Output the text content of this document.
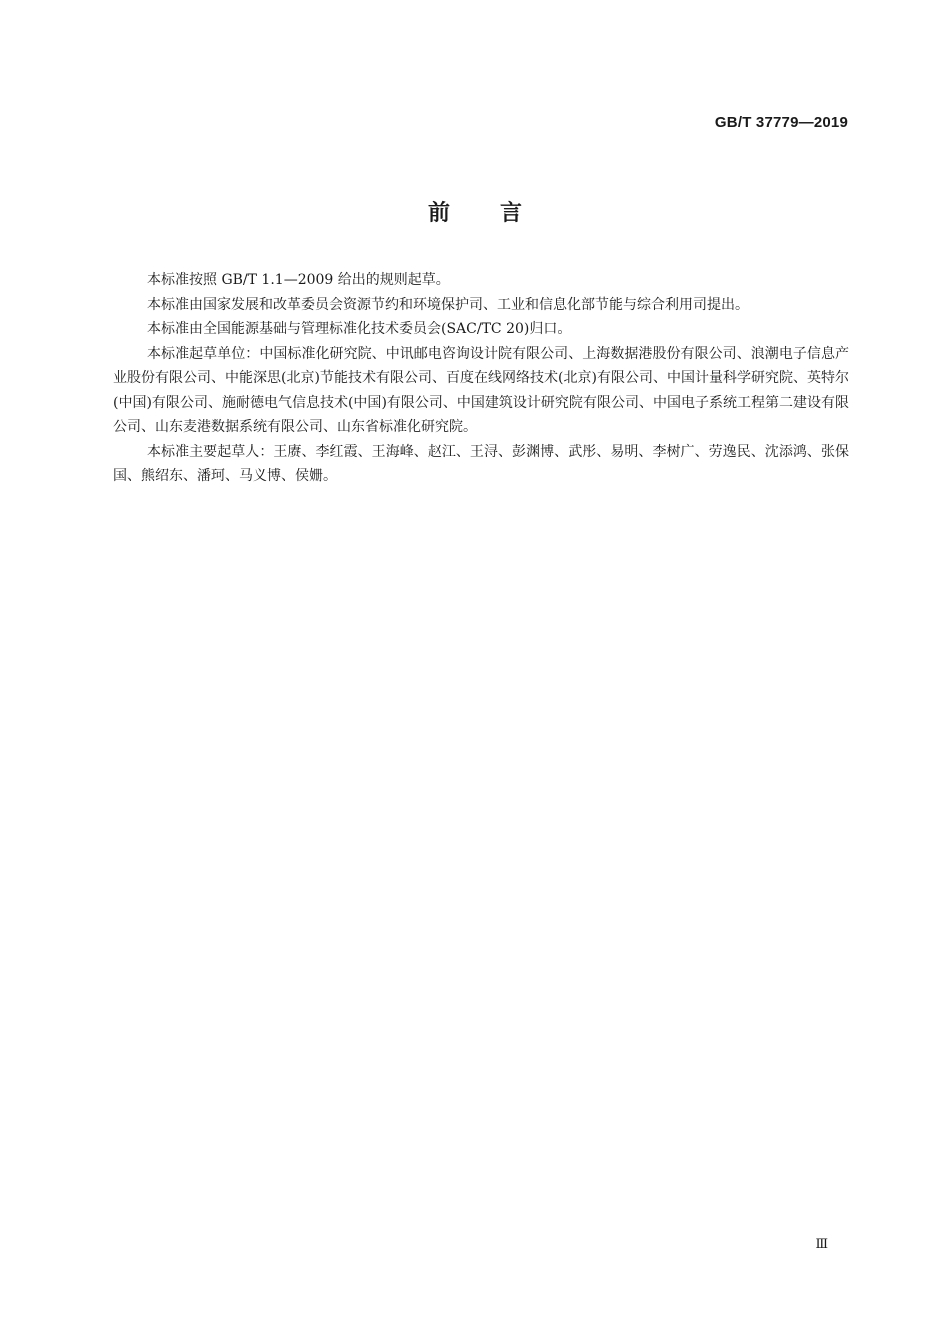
GB/T 37779—2019
前言

本标准按照 GB/T 1.1—2009 给出的规则起草。

本标准由国家发展和改革委员会资源节约和环境保护司、工业和信息化部节能与综合利用司提出。

本标准由全国能源基础与管理标准化技术委员会(SAC/TC 20)归口。

本标准起草单位：中国标准化研究院、中讯邮电咨询设计院有限公司、上海数据港股份有限公司、浪潮电子信息产业股份有限公司、中能深思(北京)节能技术有限公司、百度在线网络技术(北京)有限公司、中国计量科学研究院、英特尔(中国)有限公司、施耐德电气信息技术(中国)有限公司、中国建筑设计研究院有限公司、中国电子系统工程第二建设有限公司、山东麦港数据系统有限公司、山东省标准化研究院。

本标准主要起草人：王赓、李红霞、王海峰、赵江、王浔、彭渊博、武彤、易明、李树广、劳逸民、沈添鸿、张保国、熊绍东、潘珂、马义博、侯姗。

Ⅲ
